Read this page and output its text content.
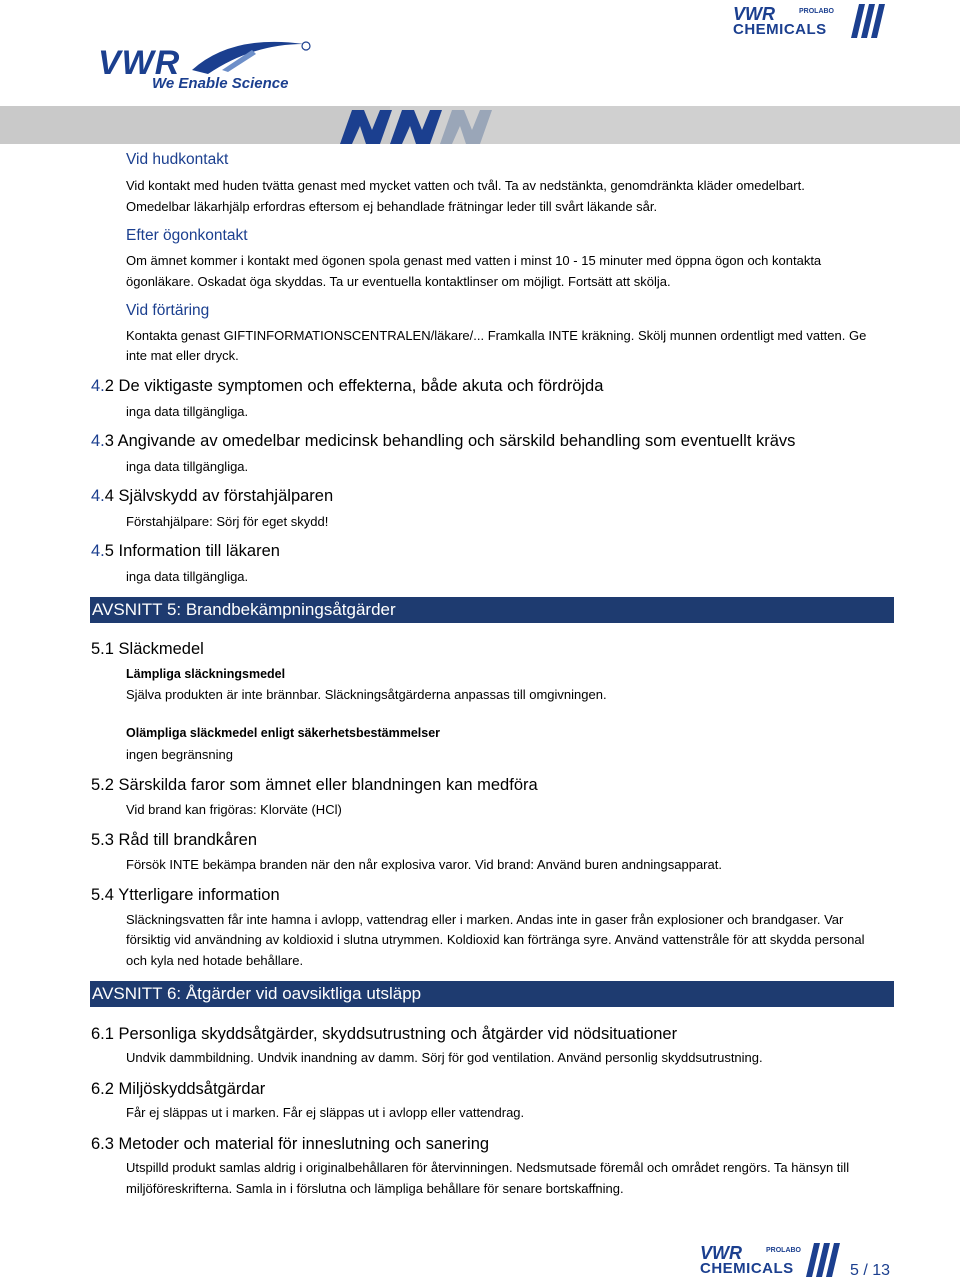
VWR
We Enable Science
VWR	PROLABO
CHEMICALS
Vid hudkontakt
Vid kontakt med huden tvätta genast med mycket vatten och tvål. Ta av nedstänkta, genomdränkta kläder omedelbart.
Omedelbar läkarhjälp erfordras eftersom ej behandlade frätningar leder till svårt läkande sår.
Efter ögonkontakt
Om ämnet kommer i kontakt med ögonen spola genast med vatten i minst 10 - 15 minuter med öppna ögon och kontakta
ögonläkare. Oskadat öga skyddas. Ta ur eventuella kontaktlinser om möjligt. Fortsätt att skölja.
Vid förtäring
Kontakta genast GIFTINFORMATIONSCENTRALEN/läkare/... Framkalla INTE kräkning. Skölj munnen ordentligt med vatten. Ge
inte mat eller dryck.
4.2 De viktigaste symptomen och effekterna, både akuta och fördröjda
inga data tillgängliga.
4.3 Angivande av omedelbar medicinsk behandling och särskild behandling som eventuellt krävs
inga data tillgängliga.
4.4 Självskydd av förstahjälparen
Förstahjälpare: Sörj för eget skydd!
4.5 Information till läkaren
inga data tillgängliga.
AVSNITT 5: Brandbekämpningsåtgärder
5.1 Släckmedel
Lämpliga släckningsmedel
Själva produkten är inte brännbar. Släckningsåtgärderna anpassas till omgivningen.
Olämpliga släckmedel enligt säkerhetsbestämmelser
ingen begränsning
5.2 Särskilda faror som ämnet eller blandningen kan medföra
Vid brand kan frigöras: Klorväte (HCl)
5.3 Råd till brandkåren
Försök INTE bekämpa branden när den når explosiva varor. Vid brand: Använd buren andningsapparat.
5.4 Ytterligare information
Släckningsvatten får inte hamna i avlopp, vattendrag eller i marken. Andas inte in gaser från explosioner och brandgaser. Var
försiktig vid användning av koldioxid i slutna utrymmen. Koldioxid kan förtränga syre. Använd vattenstråle för att skydda personal
och kyla ned hotade behållare.
AVSNITT 6: Åtgärder vid oavsiktliga utsläpp
6.1 Personliga skyddsåtgärder, skyddsutrustning och åtgärder vid nödsituationer
Undvik dammbildning. Undvik inandning av damm. Sörj för god ventilation. Använd personlig skyddsutrustning.
6.2 Miljöskyddsåtgärdar
Får ej släppas ut i marken. Får ej släppas ut i avlopp eller vattendrag.
6.3 Metoder och material för inneslutning och sanering
Utspilld produkt samlas aldrig i originalbehållaren för återvinningen. Nedsmutsade föremål och området rengörs. Ta hänsyn till
miljöföreskrifterna. Samla in i förslutna och lämpliga behållare för senare bortskaffning.
VWR	PROLABO
CHEMICALS	5 / 13
